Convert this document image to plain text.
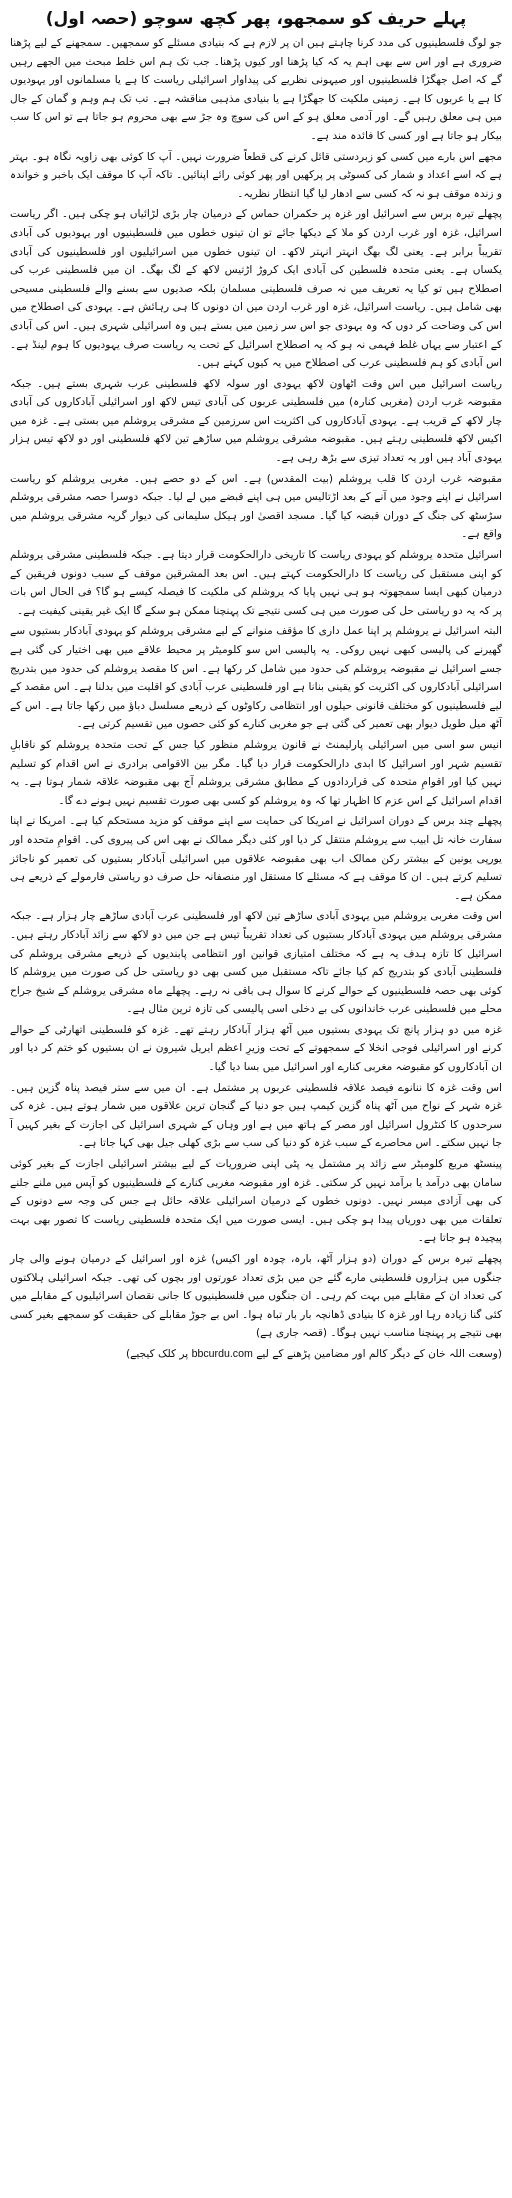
پہلے حریف کو سمجھو، پھر کچھ سوچو (حصہ اول)

جو لوگ فلسطینیوں کی مدد کرنا چاہتے ہیں ان پر لازم ہے کہ بنیادی مسئلے کو سمجھیں۔ سمجھنے کے لیے پڑھنا ضروری ہے اور اس سے بھی اہم یہ کہ کیا پڑھنا اور کیوں پڑھنا۔ جب تک ہم اس خلط مبحث میں الجھے رہیں گے کہ اصل جھگڑا فلسطینیوں اور صیہونی نظریے کی پیداوار اسرائیلی ریاست کا ہے یا مسلمانوں اور یہودیوں کا ہے یا عربوں کا ہے۔ زمینی ملکیت کا جھگڑا ہے یا بنیادی مذہبی مناقشہ ہے۔ تب تک ہم وہم و گمان کے جال میں ہی معلق رہیں گے۔ اور آدمی معلق ہو کے اس کی سوچ وہ جڑ سے بھی محروم ہو جاتا ہے تو اس کا سب بیکار ہو جاتا ہے اور کسی کا فائدہ مند ہے۔

مجھے اس بارے میں کسی کو زبردستی قائل کرنے کی قطعاً ضرورت نہیں۔ آپ کا کوئی بھی زاویہ نگاہ ہو۔ بہتر ہے کہ اسے اعداد و شمار کی کسوٹی پر پرکھیں اور پھر کوئی رائے اپنائیں۔ تاکہ آپ کا موقف ایک باخبر و خواندہ و زندہ موقف ہو نہ کہ کسی سے ادھار لیا گیا انتظار نظریہ۔

پچھلے تیرہ برس سے اسرائیل اور غزہ پر حکمران حماس کے درمیان چار بڑی لڑائیاں ہو چکی ہیں۔ اگر ریاست اسرائیل، غزہ اور غرب اردن کو ملا کے دیکھا جائے تو ان تینوں خطوں میں فلسطینیوں اور یہودیوں کی آبادی تقریباً برابر ہے۔ یعنی لگ بھگ انہتر انہتر لاکھ۔ ان تینوں خطوں میں اسرائیلیوں اور فلسطینیوں کی آبادی یکساں ہے۔ یعنی متحدہ فلسطین کی آبادی ایک کروڑ اڑتیس لاکھ کے لگ بھگ۔ ان میں فلسطینی عرب کی اصطلاح ہیں تو کیا یہ تعریف میں نہ صرف فلسطینی مسلمان بلکہ صدیوں سے بسنے والے فلسطینی مسیحی بھی شامل ہیں۔ ریاست اسرائیل، غزہ اور غرب اردن میں ان دونوں کا ہی رہائش ہے۔ یہودی کی اصطلاح میں اس کی وضاحت کر دوں کہ وہ یہودی جو اس سر زمین میں بستے ہیں وہ اسرائیلی شہری ہیں۔ اس کی آبادی کے اعتبار سے یہاں غلط فہمی نہ ہو کہ یہ اصطلاح اسرائیل کے تحت یہ ریاست صرف یہودیوں کا ہوم لینڈ ہے۔ اس آبادی کو ہم فلسطینی عرب کی اصطلاح میں یہ کیوں کہتے ہیں۔

ریاست اسرائیل میں اس وقت اٹھاون لاکھ یہودی اور سولہ لاکھ فلسطینی عرب شہری بستے ہیں۔ جبکہ مقبوضہ غرب اردن (مغربی کنارہ) میں فلسطینی عربوں کی آبادی تیس لاکھ اور اسرائیلی آبادکاروں کی آبادی چار لاکھ کے قریب ہے۔ یہودی آبادکاروں کی اکثریت اس سرزمین کے مشرقی یروشلم میں بستی ہے۔ غزہ میں اکیس لاکھ فلسطینی رہتے ہیں۔ مقبوضہ مشرقی یروشلم میں ساڑھے تین لاکھ فلسطینی اور دو لاکھ تیس ہزار یہودی آباد ہیں اور یہ تعداد تیزی سے بڑھ رہی ہے۔

مقبوضہ غرب اردن کا قلب یروشلم (بیت المقدس) ہے۔ اس کے دو حصے ہیں۔ مغربی یروشلم کو ریاست اسرائیل نے اپنے وجود میں آنے کے بعد اڑتالیس میں ہی اپنے قبضے میں لے لیا۔ جبکہ دوسرا حصہ مشرقی یروشلم سڑسٹھ کی جنگ کے دوران قبضہ کیا گیا۔ مسجد اقصیٰ اور ہیکل سلیمانی کی دیوار گریہ مشرقی یروشلم میں واقع ہے۔

اسرائیل متحدہ یروشلم کو یہودی ریاست کا تاریخی دارالحکومت قرار دیتا ہے۔ جبکہ فلسطینی مشرقی یروشلم کو اپنی مستقبل کی ریاست کا دارالحکومت کہتے ہیں۔ اس بعد المشرقین موقف کے سبب دونوں فریقین کے درمیان کبھی ایسا سمجھوتہ ہو ہی نہیں پایا کہ یروشلم کی ملکیت کا فیصلہ کیسے ہو گا؟ فی الحال اس بات پر کہ یہ دو ریاستی حل کی صورت میں ہی کسی نتیجے تک پہنچنا ممکن ہو سکے گا ایک غیر یقینی کیفیت ہے۔

البتہ اسرائیل نے یروشلم پر اپنا عمل داری کا مؤقف منوانے کے لیے مشرقی یروشلم کو یہودی آبادکار بستیوں سے گھیرنے کی پالیسی کبھی نہیں روکی۔ یہ پالیسی اس سو کلومیٹر پر محیط علاقے میں بھی اختیار کی گئی ہے جسے اسرائیل نے مقبوضہ یروشلم کی حدود میں شامل کر رکھا ہے۔ اس کا مقصد یروشلم کی حدود میں بتدریج اسرائیلی آبادکاروں کی اکثریت کو یقینی بنانا ہے اور فلسطینی عرب آبادی کو اقلیت میں بدلنا ہے۔ اس مقصد کے لیے فلسطینیوں کو مختلف قانونی حیلوں اور انتظامی رکاوٹوں کے ذریعے مسلسل دباؤ میں رکھا جاتا ہے۔ اس کے آٹھ میل طویل دیوار بھی تعمیر کی گئی ہے جو مغربی کنارے کو کئی حصوں میں تقسیم کرتی ہے۔

انیس سو اسی میں اسرائیلی پارلیمنٹ نے قانون یروشلم منظور کیا جس کے تحت متحدہ یروشلم کو ناقابلِ تقسیم شہر اور اسرائیل کا ابدی دارالحکومت قرار دیا گیا۔ مگر بین الاقوامی برادری نے اس اقدام کو تسلیم نہیں کیا اور اقوامِ متحدہ کی قراردادوں کے مطابق مشرقی یروشلم آج بھی مقبوضہ علاقہ شمار ہوتا ہے۔ یہ اقدام اسرائیل کے اس عزم کا اظہار تھا کہ وہ یروشلم کو کسی بھی صورت تقسیم نہیں ہونے دے گا۔

پچھلے چند برس کے دوران اسرائیل نے امریکا کی حمایت سے اپنے موقف کو مزید مستحکم کیا ہے۔ امریکا نے اپنا سفارت خانہ تل ابیب سے یروشلم منتقل کر دیا اور کئی دیگر ممالک نے بھی اس کی پیروی کی۔ اقوامِ متحدہ اور یورپی یونین کے بیشتر رکن ممالک اب بھی مقبوضہ علاقوں میں اسرائیلی آبادکار بستیوں کی تعمیر کو ناجائز تسلیم کرتے ہیں۔ ان کا موقف ہے کہ مسئلے کا مستقل اور منصفانہ حل صرف دو ریاستی فارمولے کے ذریعے ہی ممکن ہے۔

اس وقت مغربی یروشلم میں یہودی آبادی ساڑھے تین لاکھ اور فلسطینی عرب آبادی ساڑھے چار ہزار ہے۔ جبکہ مشرقی یروشلم میں یہودی آبادکار بستیوں کی تعداد تقریباً تیس ہے جن میں دو لاکھ سے زائد آبادکار رہتے ہیں۔ اسرائیل کا تازہ ہدف یہ ہے کہ مختلف امتیازی قوانین اور انتظامی پابندیوں کے ذریعے مشرقی یروشلم کی فلسطینی آبادی کو بتدریج کم کیا جائے تاکہ مستقبل میں کسی بھی دو ریاستی حل کی صورت میں یروشلم کا کوئی بھی حصہ فلسطینیوں کے حوالے کرنے کا سوال ہی باقی نہ رہے۔ پچھلے ماہ مشرقی یروشلم کے شیخ جراح محلے میں فلسطینی عرب خاندانوں کی بے دخلی اسی پالیسی کی تازہ ترین مثال ہے۔

غزہ میں دو ہزار پانچ تک یہودی بستیوں میں آٹھ ہزار آبادکار رہتے تھے۔ غزہ کو فلسطینی اتھارٹی کے حوالے کرنے اور اسرائیلی فوجی انخلا کے سمجھوتے کے تحت وزیرِ اعظم ایریل شیرون نے ان بستیوں کو ختم کر دیا اور ان آبادکاروں کو مقبوضہ مغربی کنارے اور اسرائیل میں بسا دیا گیا۔

اس وقت غزہ کا ننانوے فیصد علاقہ فلسطینی عربوں پر مشتمل ہے۔ ان میں سے ستر فیصد پناہ گزین ہیں۔ غزہ شہر کے نواح میں آٹھ پناہ گزین کیمپ ہیں جو دنیا کے گنجان ترین علاقوں میں شمار ہوتے ہیں۔ غزہ کی سرحدوں کا کنٹرول اسرائیل اور مصر کے ہاتھ میں ہے اور وہاں کے شہری اسرائیل کی اجازت کے بغیر کہیں آ جا نہیں سکتے۔ اس محاصرے کے سبب غزہ کو دنیا کی سب سے بڑی کھلی جیل بھی کہا جاتا ہے۔

پینسٹھ مربع کلومیٹر سے زائد پر مشتمل یہ پٹی اپنی ضروریات کے لیے بیشتر اسرائیلی اجازت کے بغیر کوئی سامان بھی درآمد یا برآمد نہیں کر سکتی۔ غزہ اور مقبوضہ مغربی کنارے کے فلسطینیوں کو آپس میں ملنے جلنے کی بھی آزادی میسر نہیں۔ دونوں خطوں کے درمیان اسرائیلی علاقہ حائل ہے جس کی وجہ سے دونوں کے تعلقات میں بھی دوریاں پیدا ہو چکی ہیں۔ ایسی صورت میں ایک متحدہ فلسطینی ریاست کا تصور بھی بہت پیچیدہ ہو جاتا ہے۔

پچھلے تیرہ برس کے دوران (دو ہزار آٹھ، بارہ، چودہ اور اکیس) غزہ اور اسرائیل کے درمیان ہونے والی چار جنگوں میں ہزاروں فلسطینی مارے گئے جن میں بڑی تعداد عورتوں اور بچوں کی تھی۔ جبکہ اسرائیلی ہلاکتوں کی تعداد ان کے مقابلے میں بہت کم رہی۔ ان جنگوں میں فلسطینیوں کا جانی نقصان اسرائیلیوں کے مقابلے میں کئی گنا زیادہ رہا اور غزہ کا بنیادی ڈھانچہ بار بار تباہ ہوا۔ اس بے جوڑ مقابلے کی حقیقت کو سمجھے بغیر کسی بھی نتیجے پر پہنچنا مناسب نہیں ہوگا۔ (قصہ جاری ہے)

(وسعت اللہ خان کے دیگر کالم اور مضامین پڑھنے کے لیے bbcurdu.com پر کلک کیجیے)
